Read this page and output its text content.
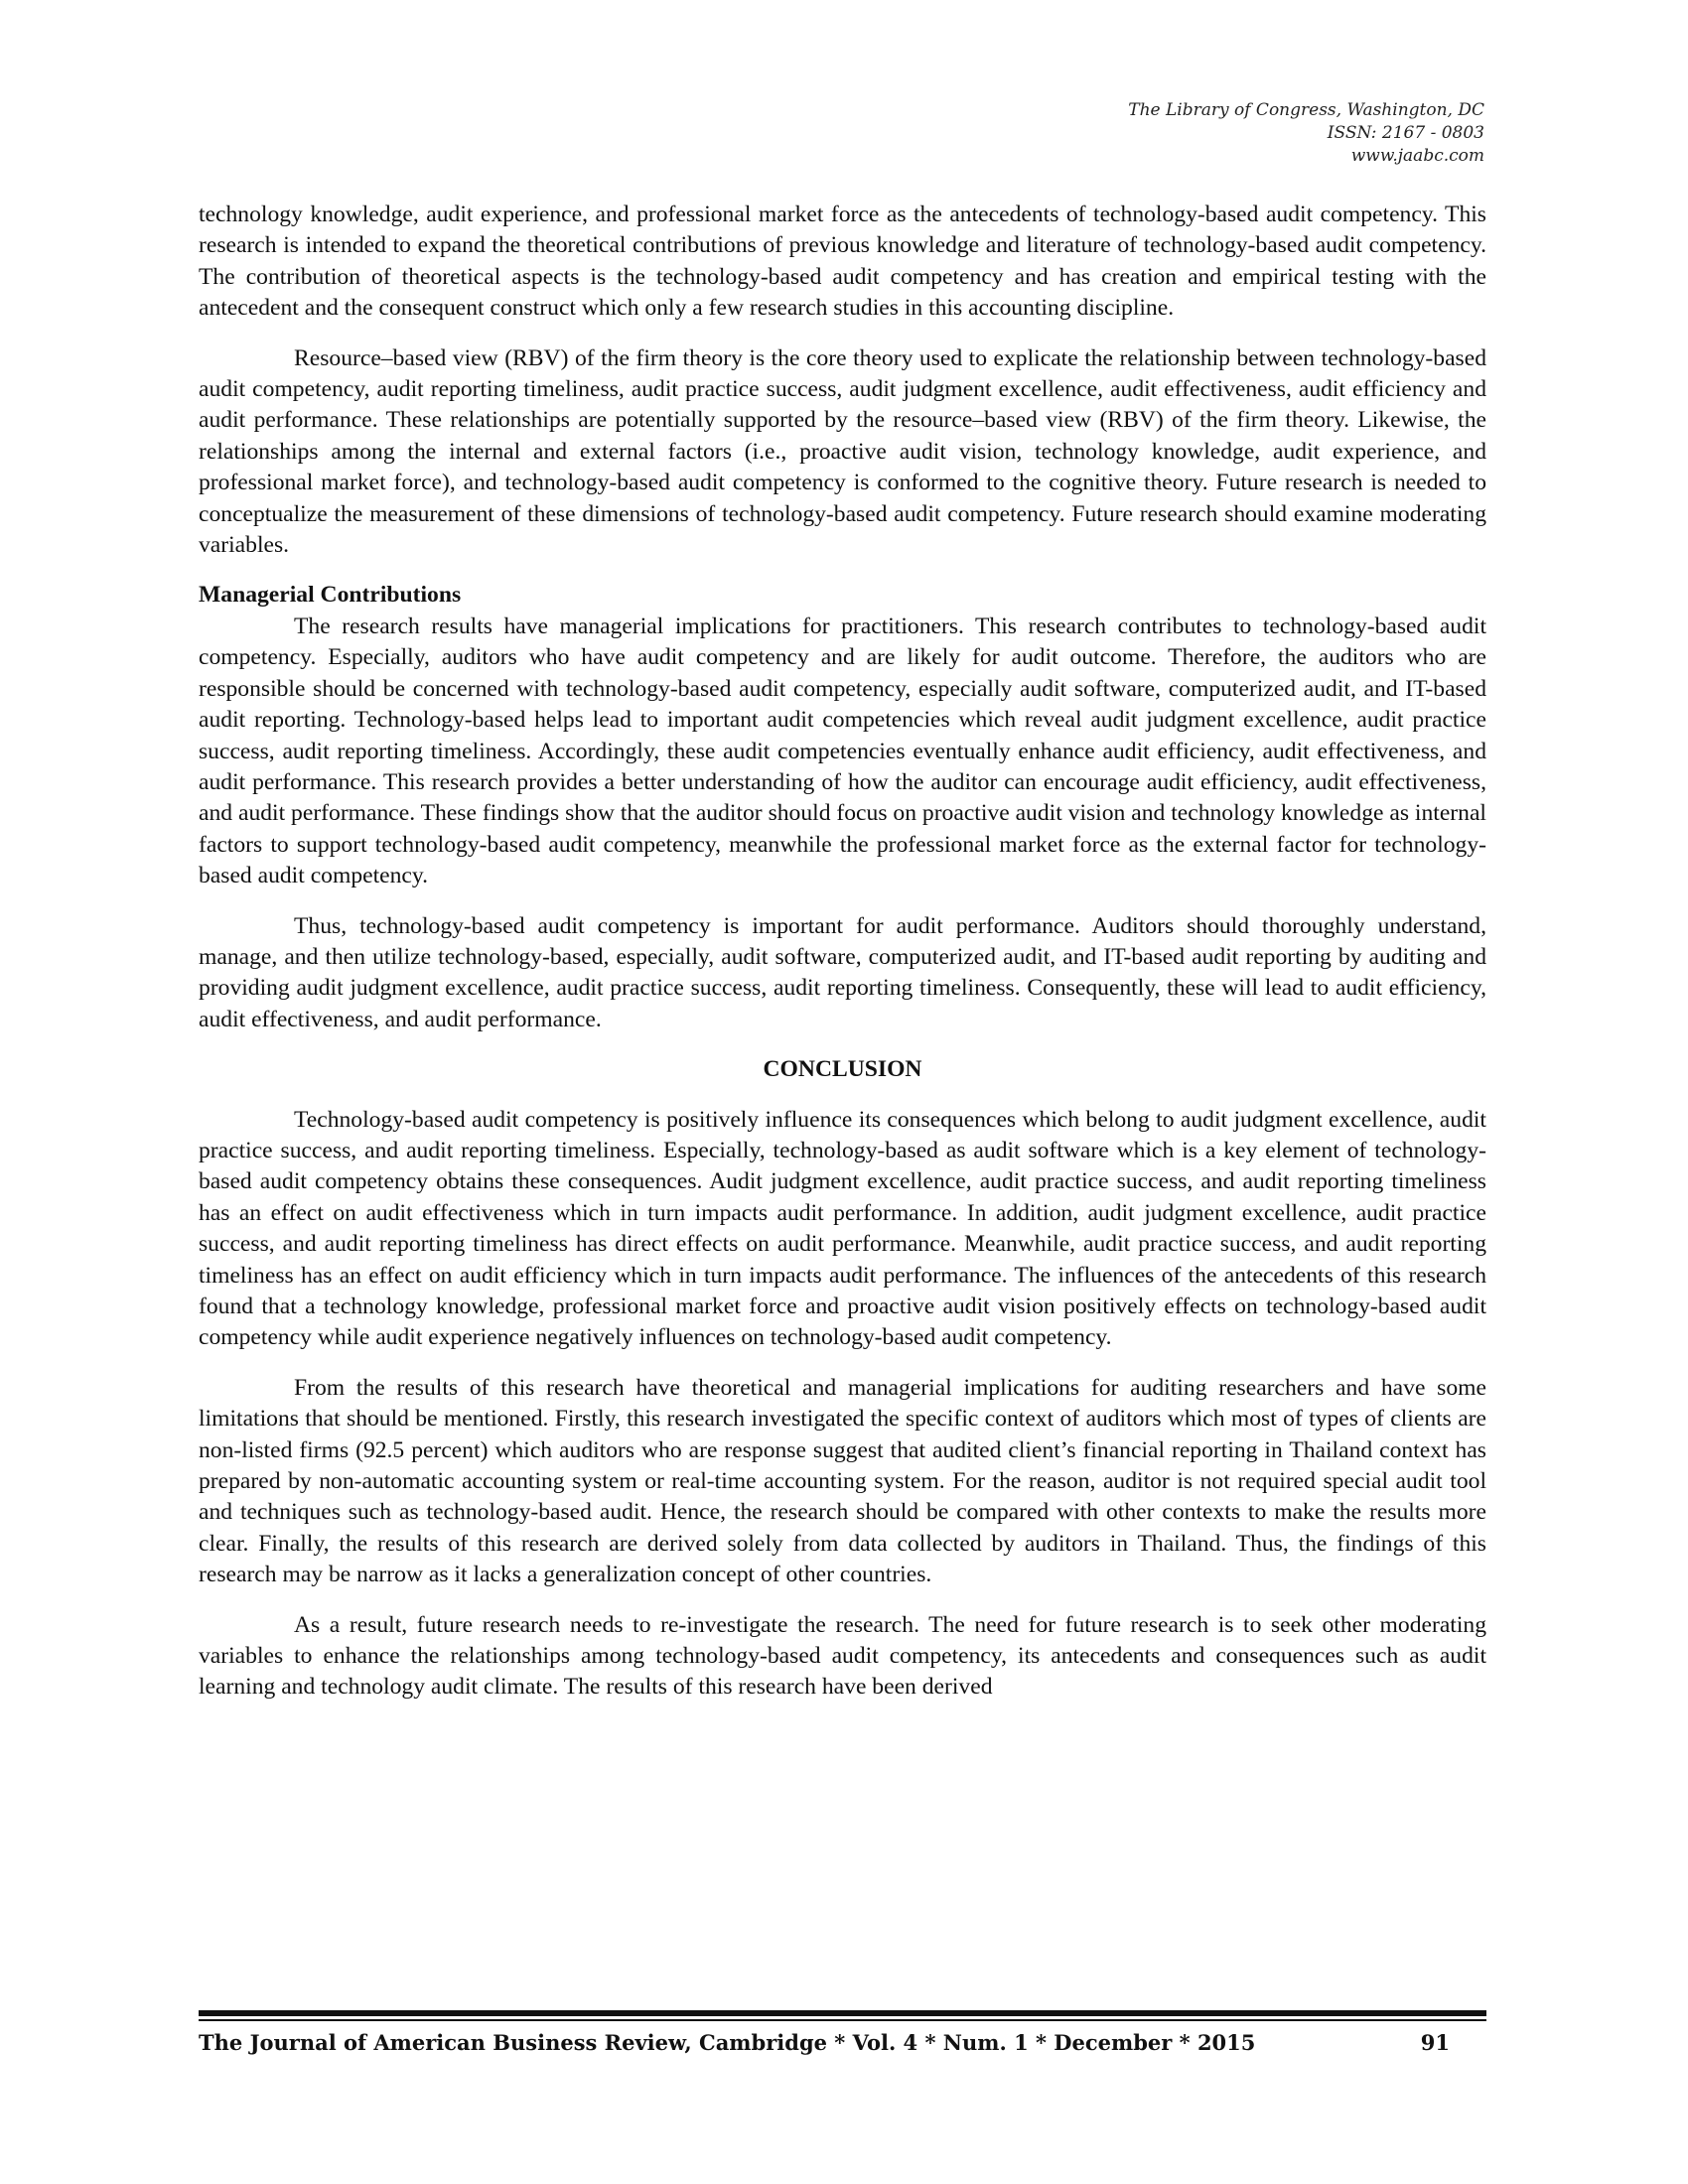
The Library of Congress, Washington, DC
ISSN: 2167 - 0803
www.jaabc.com

technology knowledge, audit experience, and professional market force as the antecedents of technology-based audit competency. This research is intended to expand the theoretical contributions of previous knowledge and literature of technology-based audit competency. The contribution of theoretical aspects is the technology-based audit competency and has creation and empirical testing with the antecedent and the consequent construct which only a few research studies in this accounting discipline.

Resource–based view (RBV) of the firm theory is the core theory used to explicate the relationship between technology-based audit competency, audit reporting timeliness, audit practice success, audit judgment excellence, audit effectiveness, audit efficiency and audit performance. These relationships are potentially supported by the resource–based view (RBV) of the firm theory. Likewise, the relationships among the internal and external factors (i.e., proactive audit vision, technology knowledge, audit experience, and professional market force), and technology-based audit competency is conformed to the cognitive theory. Future research is needed to conceptualize the measurement of these dimensions of technology-based audit competency. Future research should examine moderating variables.

Managerial Contributions

The research results have managerial implications for practitioners. This research contributes to technology-based audit competency. Especially, auditors who have audit competency and are likely for audit outcome. Therefore, the auditors who are responsible should be concerned with technology-based audit competency, especially audit software, computerized audit, and IT-based audit reporting. Technology-based helps lead to important audit competencies which reveal audit judgment excellence, audit practice success, audit reporting timeliness. Accordingly, these audit competencies eventually enhance audit efficiency, audit effectiveness, and audit performance. This research provides a better understanding of how the auditor can encourage audit efficiency, audit effectiveness, and audit performance. These findings show that the auditor should focus on proactive audit vision and technology knowledge as internal factors to support technology-based audit competency, meanwhile the professional market force as the external factor for technology-based audit competency.

Thus, technology-based audit competency is important for audit performance. Auditors should thoroughly understand, manage, and then utilize technology-based, especially, audit software, computerized audit, and IT-based audit reporting by auditing and providing audit judgment excellence, audit practice success, audit reporting timeliness. Consequently, these will lead to audit efficiency, audit effectiveness, and audit performance.

CONCLUSION

Technology-based audit competency is positively influence its consequences which belong to audit judgment excellence, audit practice success, and audit reporting timeliness. Especially, technology-based as audit software which is a key element of technology-based audit competency obtains these consequences. Audit judgment excellence, audit practice success, and audit reporting timeliness has an effect on audit effectiveness which in turn impacts audit performance. In addition, audit judgment excellence, audit practice success, and audit reporting timeliness has direct effects on audit performance. Meanwhile, audit practice success, and audit reporting timeliness has an effect on audit efficiency which in turn impacts audit performance. The influences of the antecedents of this research found that a technology knowledge, professional market force and proactive audit vision positively effects on technology-based audit competency while audit experience negatively influences on technology-based audit competency.

From the results of this research have theoretical and managerial implications for auditing researchers and have some limitations that should be mentioned. Firstly, this research investigated the specific context of auditors which most of types of clients are non-listed firms (92.5 percent) which auditors who are response suggest that audited client’s financial reporting in Thailand context has prepared by non-automatic accounting system or real-time accounting system. For the reason, auditor is not required special audit tool and techniques such as technology-based audit. Hence, the research should be compared with other contexts to make the results more clear. Finally, the results of this research are derived solely from data collected by auditors in Thailand. Thus, the findings of this research may be narrow as it lacks a generalization concept of other countries.

As a result, future research needs to re-investigate the research. The need for future research is to seek other moderating variables to enhance the relationships among technology-based audit competency, its antecedents and consequences such as audit learning and technology audit climate. The results of this research have been derived

The Journal of American Business Review, Cambridge * Vol. 4 * Num. 1 * December * 2015	91
